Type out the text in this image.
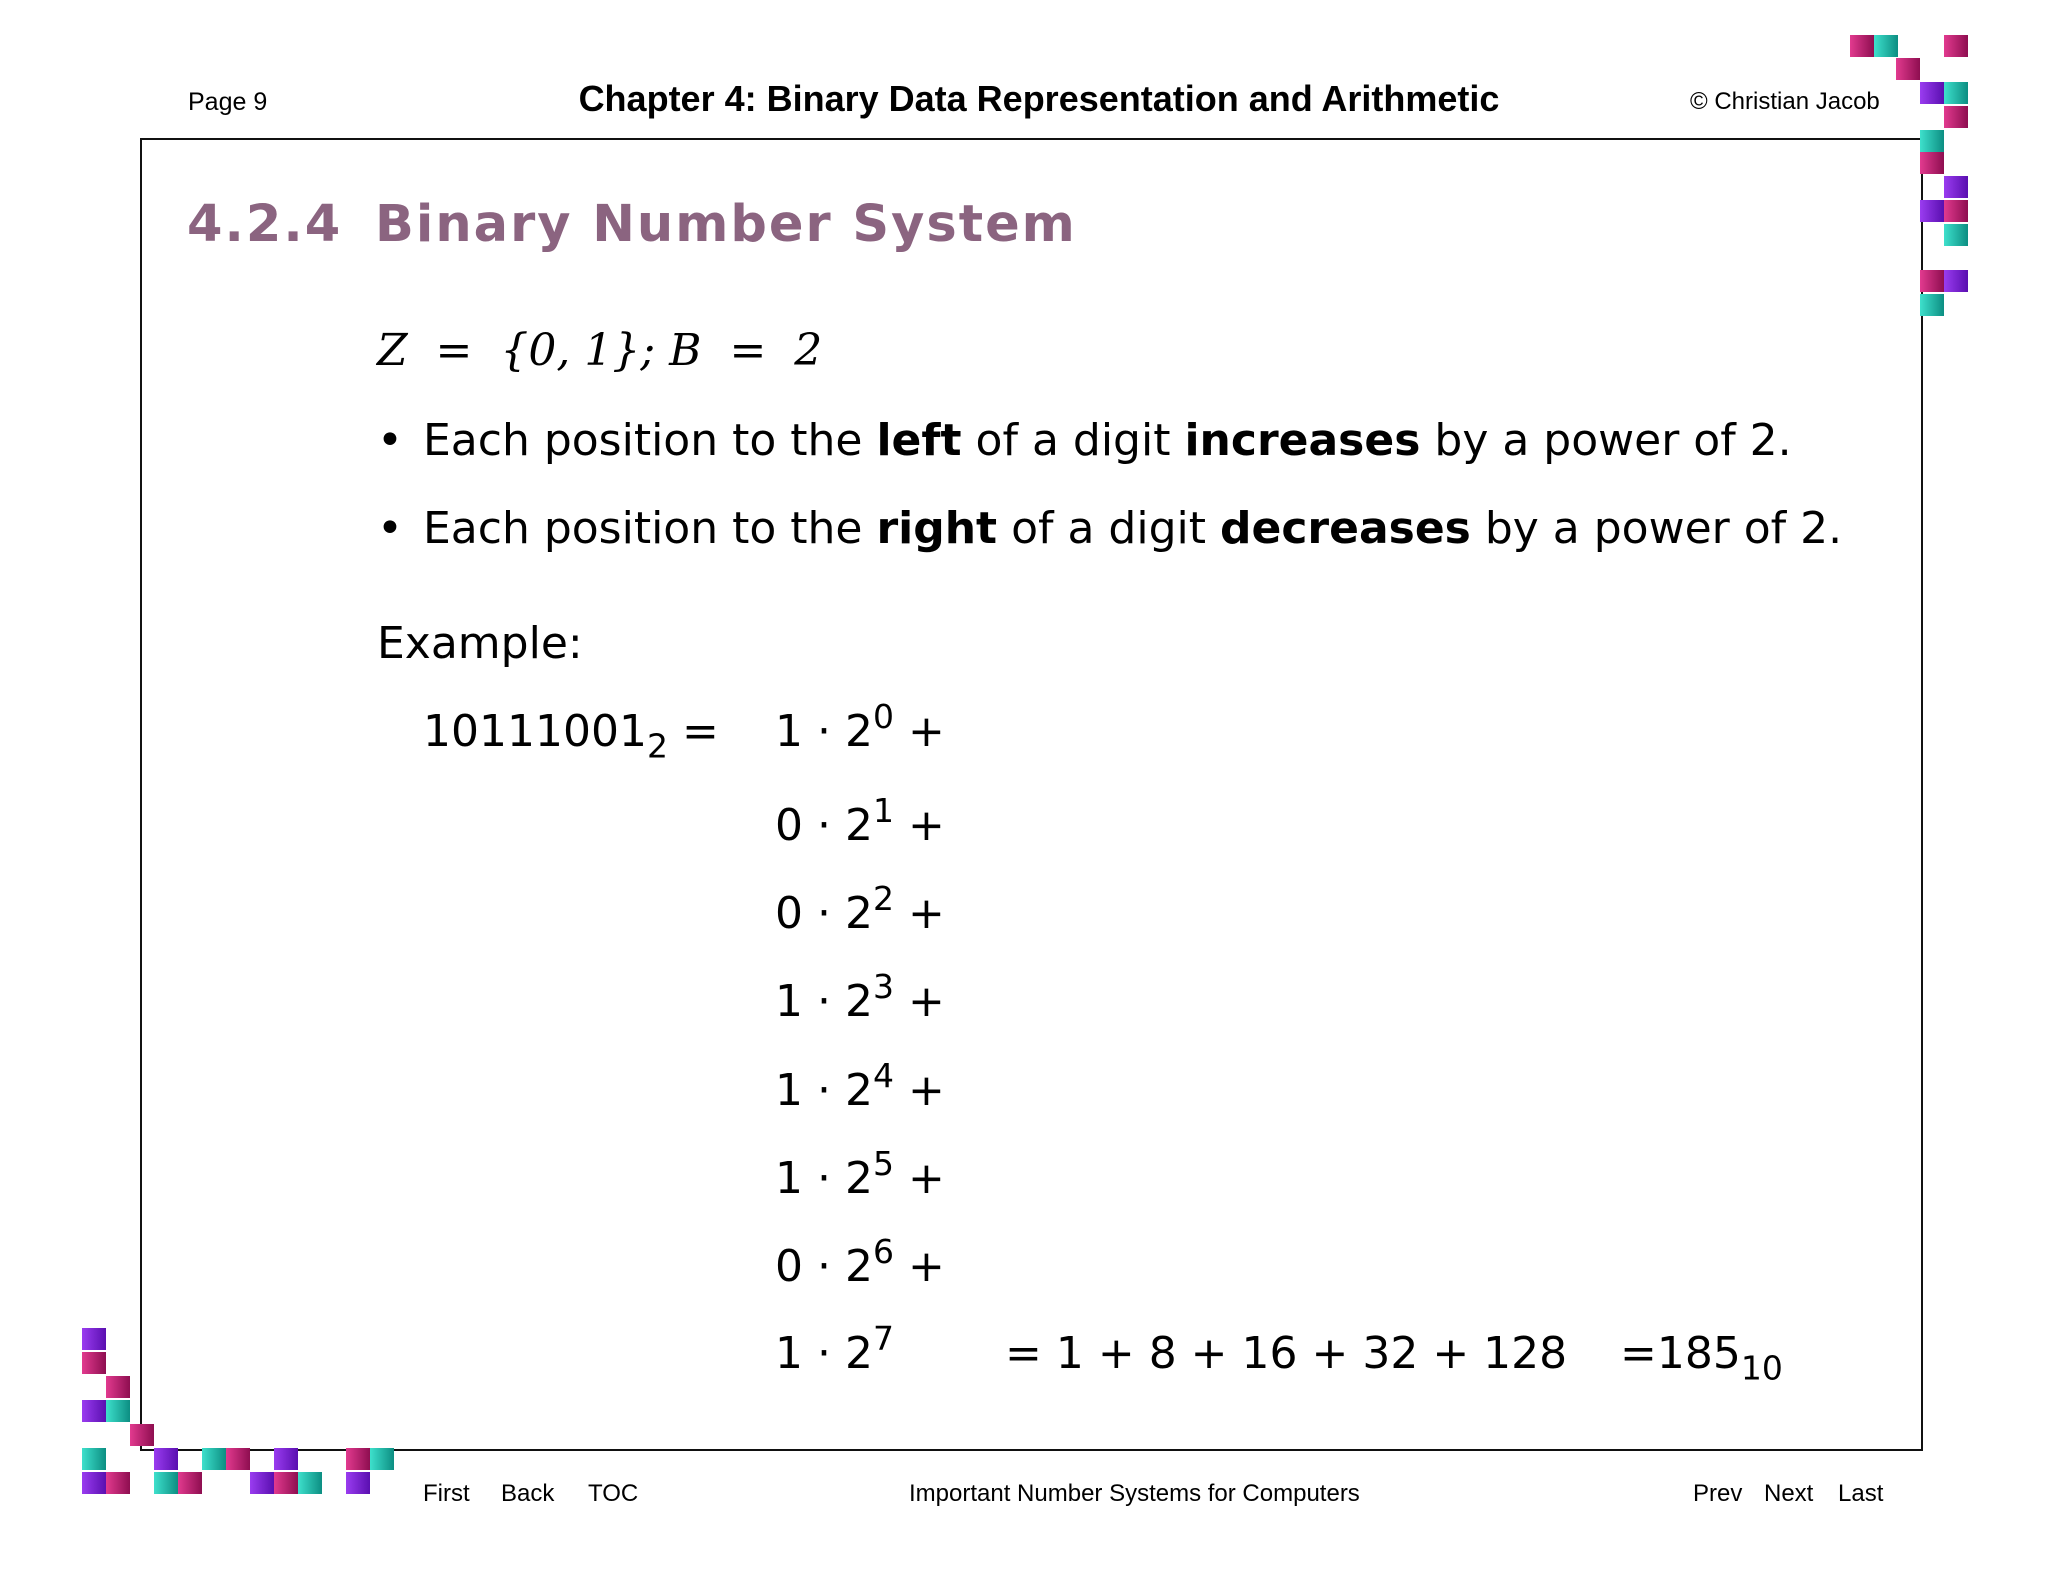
Page 9	Chapter 4: Binary Data Representation and Arithmetic	© Christian Jacob
4.2.4 Binary Number System
Z  =  {0, 1}; B  =  2
• Each position to the left of a digit increases by a power of 2.
• Each position to the right of a digit decreases by a power of 2.
Example:
$10111001_2 = 1 \cdot 2^0$ +
$0 \cdot 2^1$ +
$0 \cdot 2^2$ +
$1 \cdot 2^3$ +
$1 \cdot 2^4$ +
$1 \cdot 2^5$ +
$0 \cdot 2^6$ +
$1 \cdot 2^7$	= $1 + 8 + 16 + 32 + 128 =185_{10}$
First Back TOC	Important Number Systems for Computers	Prev Next Last
